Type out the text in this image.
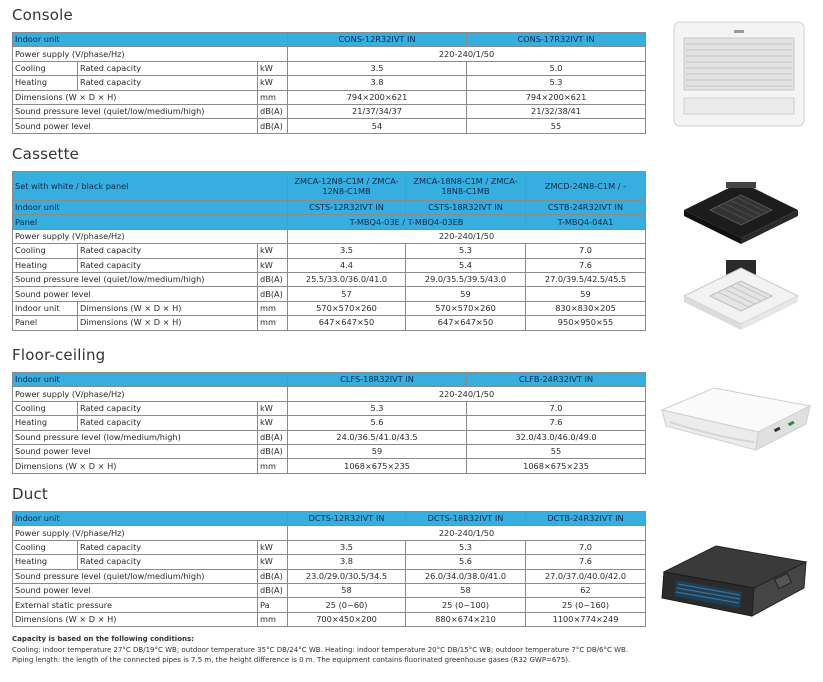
Console
Indoor unit			CONS-12R32IVT IN	CONS-17R32IVT IN
Power supply (V/phase/Hz)			220-240/1/50	
Cooling	Rated capacity	kW	3.5	5.0
Heating	Rated capacity	kW	3.8	5.3
Dimensions (W × D × H)		mm	794×200×621	794×200×621
Sound pressure level (quiet/low/medium/high)		dB(A)	21/37/34/37	21/32/38/41
Sound power level		dB(A)	54	55
Cassette
Set with white / black panel			ZMCA-12N8-C1M / ZMCA-12N8-C1MB	ZMCA-18N8-C1M / ZMCA-18N8-C1MB	ZMCD-24N8-C1M / -
Indoor unit			CSTS-12R32IVT IN	CSTS-18R32IVT IN	CSTB-24R32IVT IN
Panel			T-MBQ4-03E / T-MBQ4-03EB		T-MBQ4-04A1
Power supply (V/phase/Hz)			220-240/1/50		
Cooling	Rated capacity	kW	3.5	5.3	7.0
Heating	Rated capacity	kW	4.4	5.4	7.6
Sound pressure level (quiet/low/medium/high)		dB(A)	25.5/33.0/36.0/41.0	29.0/35.5/39.5/43.0	27.0/39.5/42.5/45.5
Sound power level		dB(A)	57	59	59
Indoor unit	Dimensions (W × D × H)	mm	570×570×260	570×570×260	830×830×205
Panel	Dimensions (W × D × H)	mm	647×647×50	647×647×50	950×950×55
Floor-ceiling
Indoor unit			CLFS-18R32IVT IN	CLFB-24R32IVT IN
Power supply (V/phase/Hz)			220-240/1/50	
Cooling	Rated capacity	kW	5.3	7.0
Heating	Rated capacity	kW	5.6	7.6
Sound pressure level (low/medium/high)		dB(A)	24.0/36.5/41.0/43.5	32.0/43.0/46.0/49.0
Sound power level		dB(A)	59	55
Dimensions (W × D × H)		mm	1068×675×235	1068×675×235
Duct
Indoor unit			DCTS-12R32IVT IN	DCTS-18R32IVT IN	DCTB-24R32IVT IN
Power supply (V/phase/Hz)			220-240/1/50		
Cooling	Rated capacity	kW	3.5	5.3	7.0
Heating	Rated capacity	kW	3.8	5.6	7.6
Sound pressure level (quiet/low/medium/high)		dB(A)	23.0/29.0/30.5/34.5	26.0/34.0/38.0/41.0	27.0/37.0/40.0/42.0
Sound power level		dB(A)	58	58	62
External static pressure		Pa	25 (0~60)	25 (0~100)	25 (0~160)
Dimensions (W × D × H)		mm	700×450×200	880×674×210	1100×774×249
Capacity is based on the following conditions:
Cooling: indoor temperature 27°C DB/19°C WB; outdoor temperature 35°C DB/24°C WB. Heating: indoor temperature 20°C DB/15°C WB; outdoor temperature 7°C DB/6°C WB.
Piping length: the length of the connected pipes is 7.5 m, the height difference is 0 m. The equipment contains fluorinated greenhouse gases (R32 GWP=675).
